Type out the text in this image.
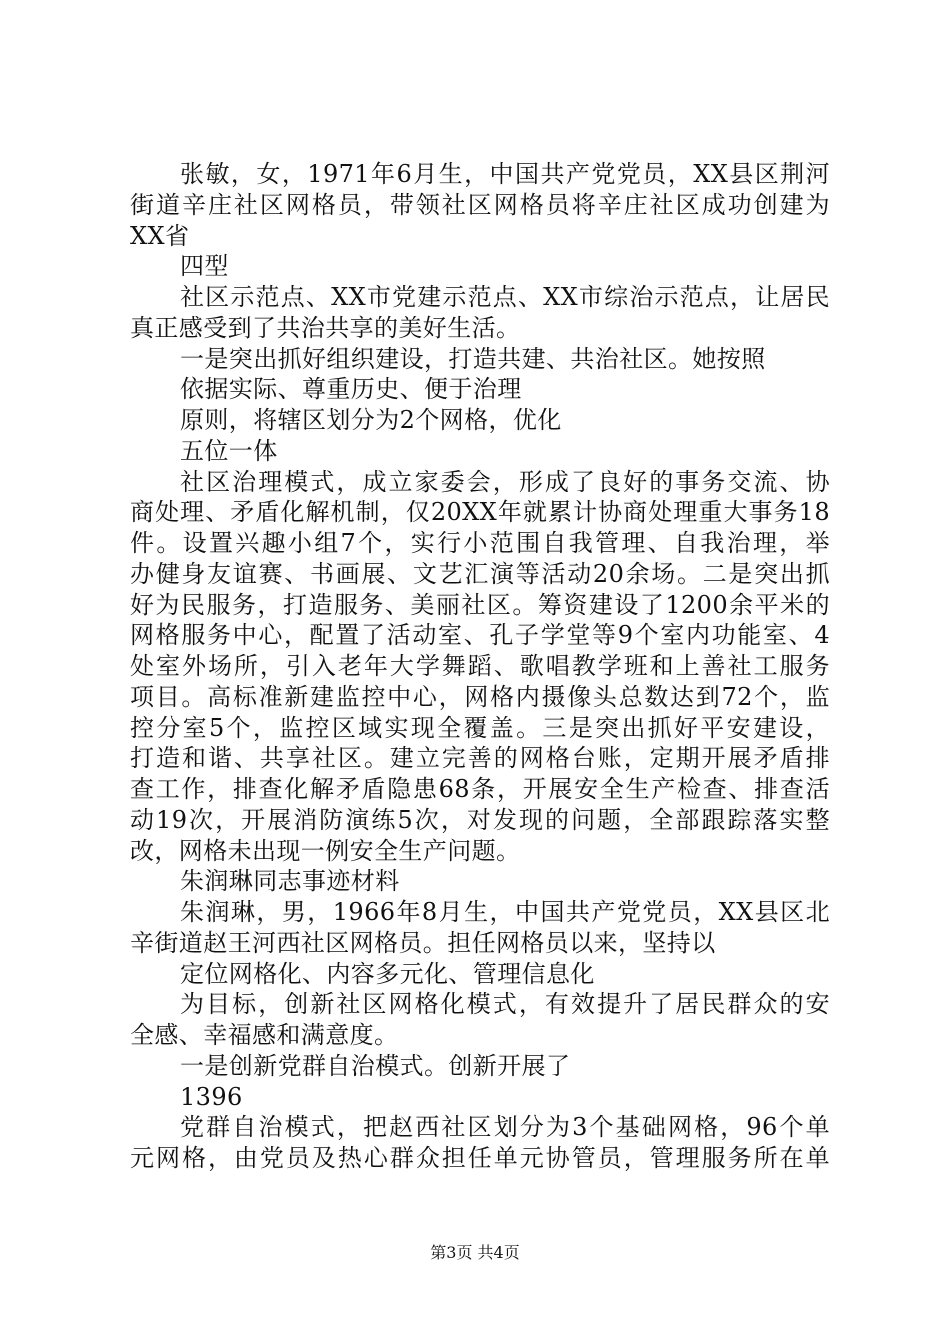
张敏，女，1971年6月生，中国共产党党员，XX县区荆河
街道辛庄社区网格员，带领社区网格员将辛庄社区成功创建为
XX省
四型
社区示范点、XX市党建示范点、XX市综治示范点，让居民
真正感受到了共治共享的美好生活。
一是突出抓好组织建设，打造共建、共治社区。她按照
依据实际、尊重历史、便于治理
原则，将辖区划分为2个网格，优化
五位一体
社区治理模式，成立家委会，形成了良好的事务交流、协
商处理、矛盾化解机制，仅20XX年就累计协商处理重大事务18
件。设置兴趣小组7个，实行小范围自我管理、自我治理，举
办健身友谊赛、书画展、文艺汇演等活动20余场。二是突出抓
好为民服务，打造服务、美丽社区。筹资建设了1200余平米的
网格服务中心，配置了活动室、孔子学堂等9个室内功能室、4
处室外场所，引入老年大学舞蹈、歌唱教学班和上善社工服务
项目。高标准新建监控中心，网格内摄像头总数达到72个，监
控分室5个，监控区域实现全覆盖。三是突出抓好平安建设，
打造和谐、共享社区。建立完善的网格台账，定期开展矛盾排
查工作，排查化解矛盾隐患68条，开展安全生产检查、排查活
动19次，开展消防演练5次，对发现的问题，全部跟踪落实整
改，网格未出现一例安全生产问题。
朱润琳同志事迹材料
朱润琳，男，1966年8月生，中国共产党党员，XX县区北
辛街道赵王河西社区网格员。担任网格员以来，坚持以
定位网格化、内容多元化、管理信息化
为目标，创新社区网格化模式，有效提升了居民群众的安
全感、幸福感和满意度。
一是创新党群自治模式。创新开展了
1396
党群自治模式，把赵西社区划分为3个基础网格，96个单
元网格，由党员及热心群众担任单元协管员，管理服务所在单
第3页 共4页
